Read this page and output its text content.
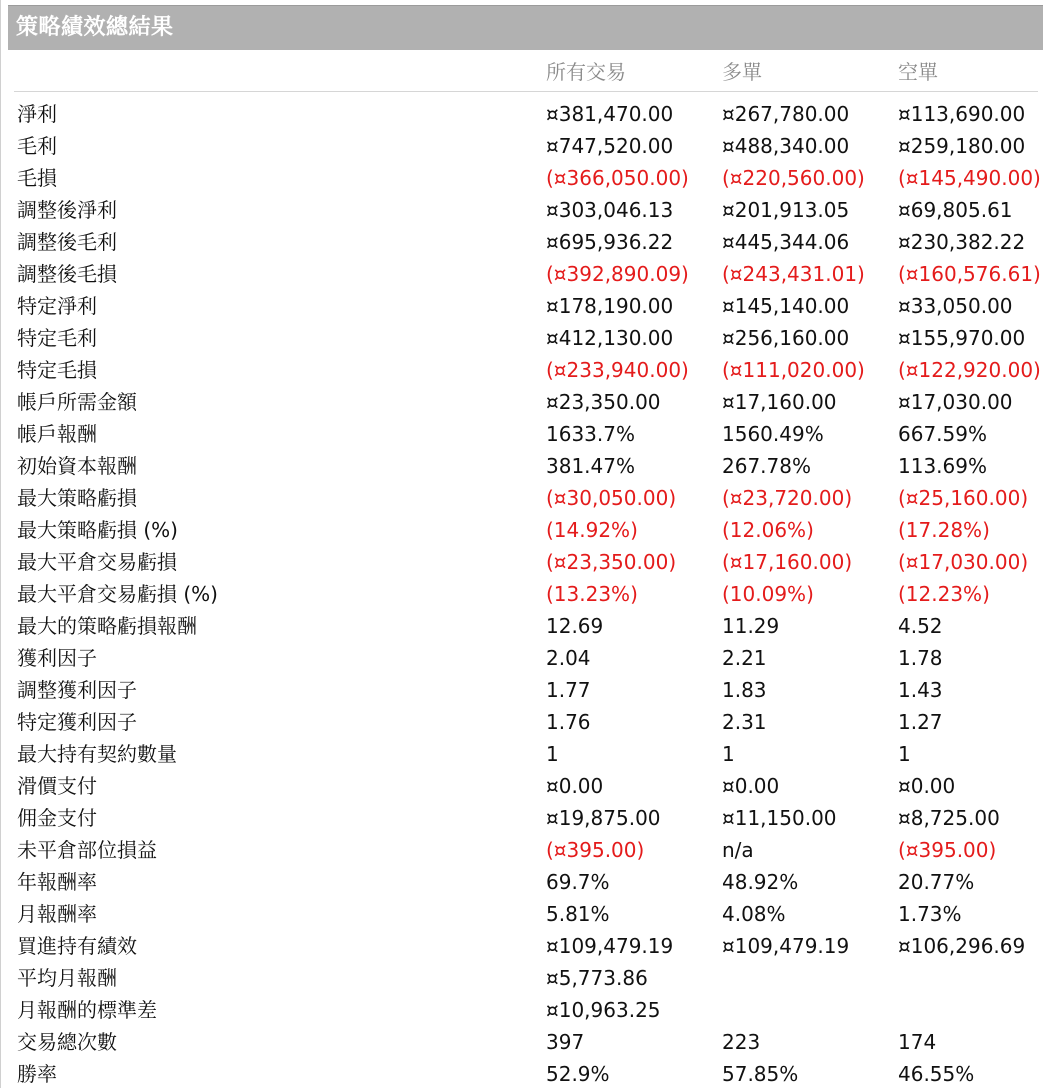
策略績效總結果
所有交易	多單	空單
淨利	¤381,470.00 ¤267,780.00 ¤113,690.00
毛利	¤747,520.00 ¤488,340.00 ¤259,180.00
毛損	(¤366,050.00) (¤220,560.00) (¤145,490.00)
調整後淨利	¤303,046.13 ¤201,913.05 ¤69,805.61
調整後毛利	¤695,936.22 ¤445,344.06 ¤230,382.22
調整後毛損	(¤392,890.09) (¤243,431.01) (¤160,576.61)
特定淨利	¤178,190.00 ¤145,140.00 ¤33,050.00
特定毛利	¤412,130.00 ¤256,160.00 ¤155,970.00
特定毛損	(¤233,940.00) (¤111,020.00) (¤122,920.00)
帳戶所需金額	¤23,350.00	¤17,160.00	¤17,030.00
帳戶報酬	1633.7%	1560.49%	667.59%
初始資本報酬	381.47%	267.78%	113.69%
最大策略虧損	(¤30,050.00) (¤23,720.00) (¤25,160.00)
最大策略虧損 (%)	(14.92%)	(12.06%)	(17.28%)
最大平倉交易虧損	(¤23,350.00) (¤17,160.00) (¤17,030.00)
最大平倉交易虧損 (%)	(13.23%)	(10.09%)	(12.23%)
最大的策略虧損報酬	12.69	11.29	4.52
獲利因子	2.04	2.21	1.78
調整獲利因子	1.77	1.83	1.43
特定獲利因子	1.76	2.31	1.27
最大持有契約數量	1	1	1
滑價支付	¤0.00	¤0.00	¤0.00
佣金支付	¤19,875.00	¤11,150.00	¤8,725.00
未平倉部位損益	(¤395.00)	n/a	(¤395.00)
年報酬率	69.7%	48.92%	20.77%
月報酬率	5.81%	4.08%	1.73%
買進持有績效	¤109,479.19 ¤109,479.19 ¤106,296.69
平均月報酬	¤5,773.86
月報酬的標準差	¤10,963.25
交易總次數	397	223	174
勝率	52.9%	57.85%	46.55%
